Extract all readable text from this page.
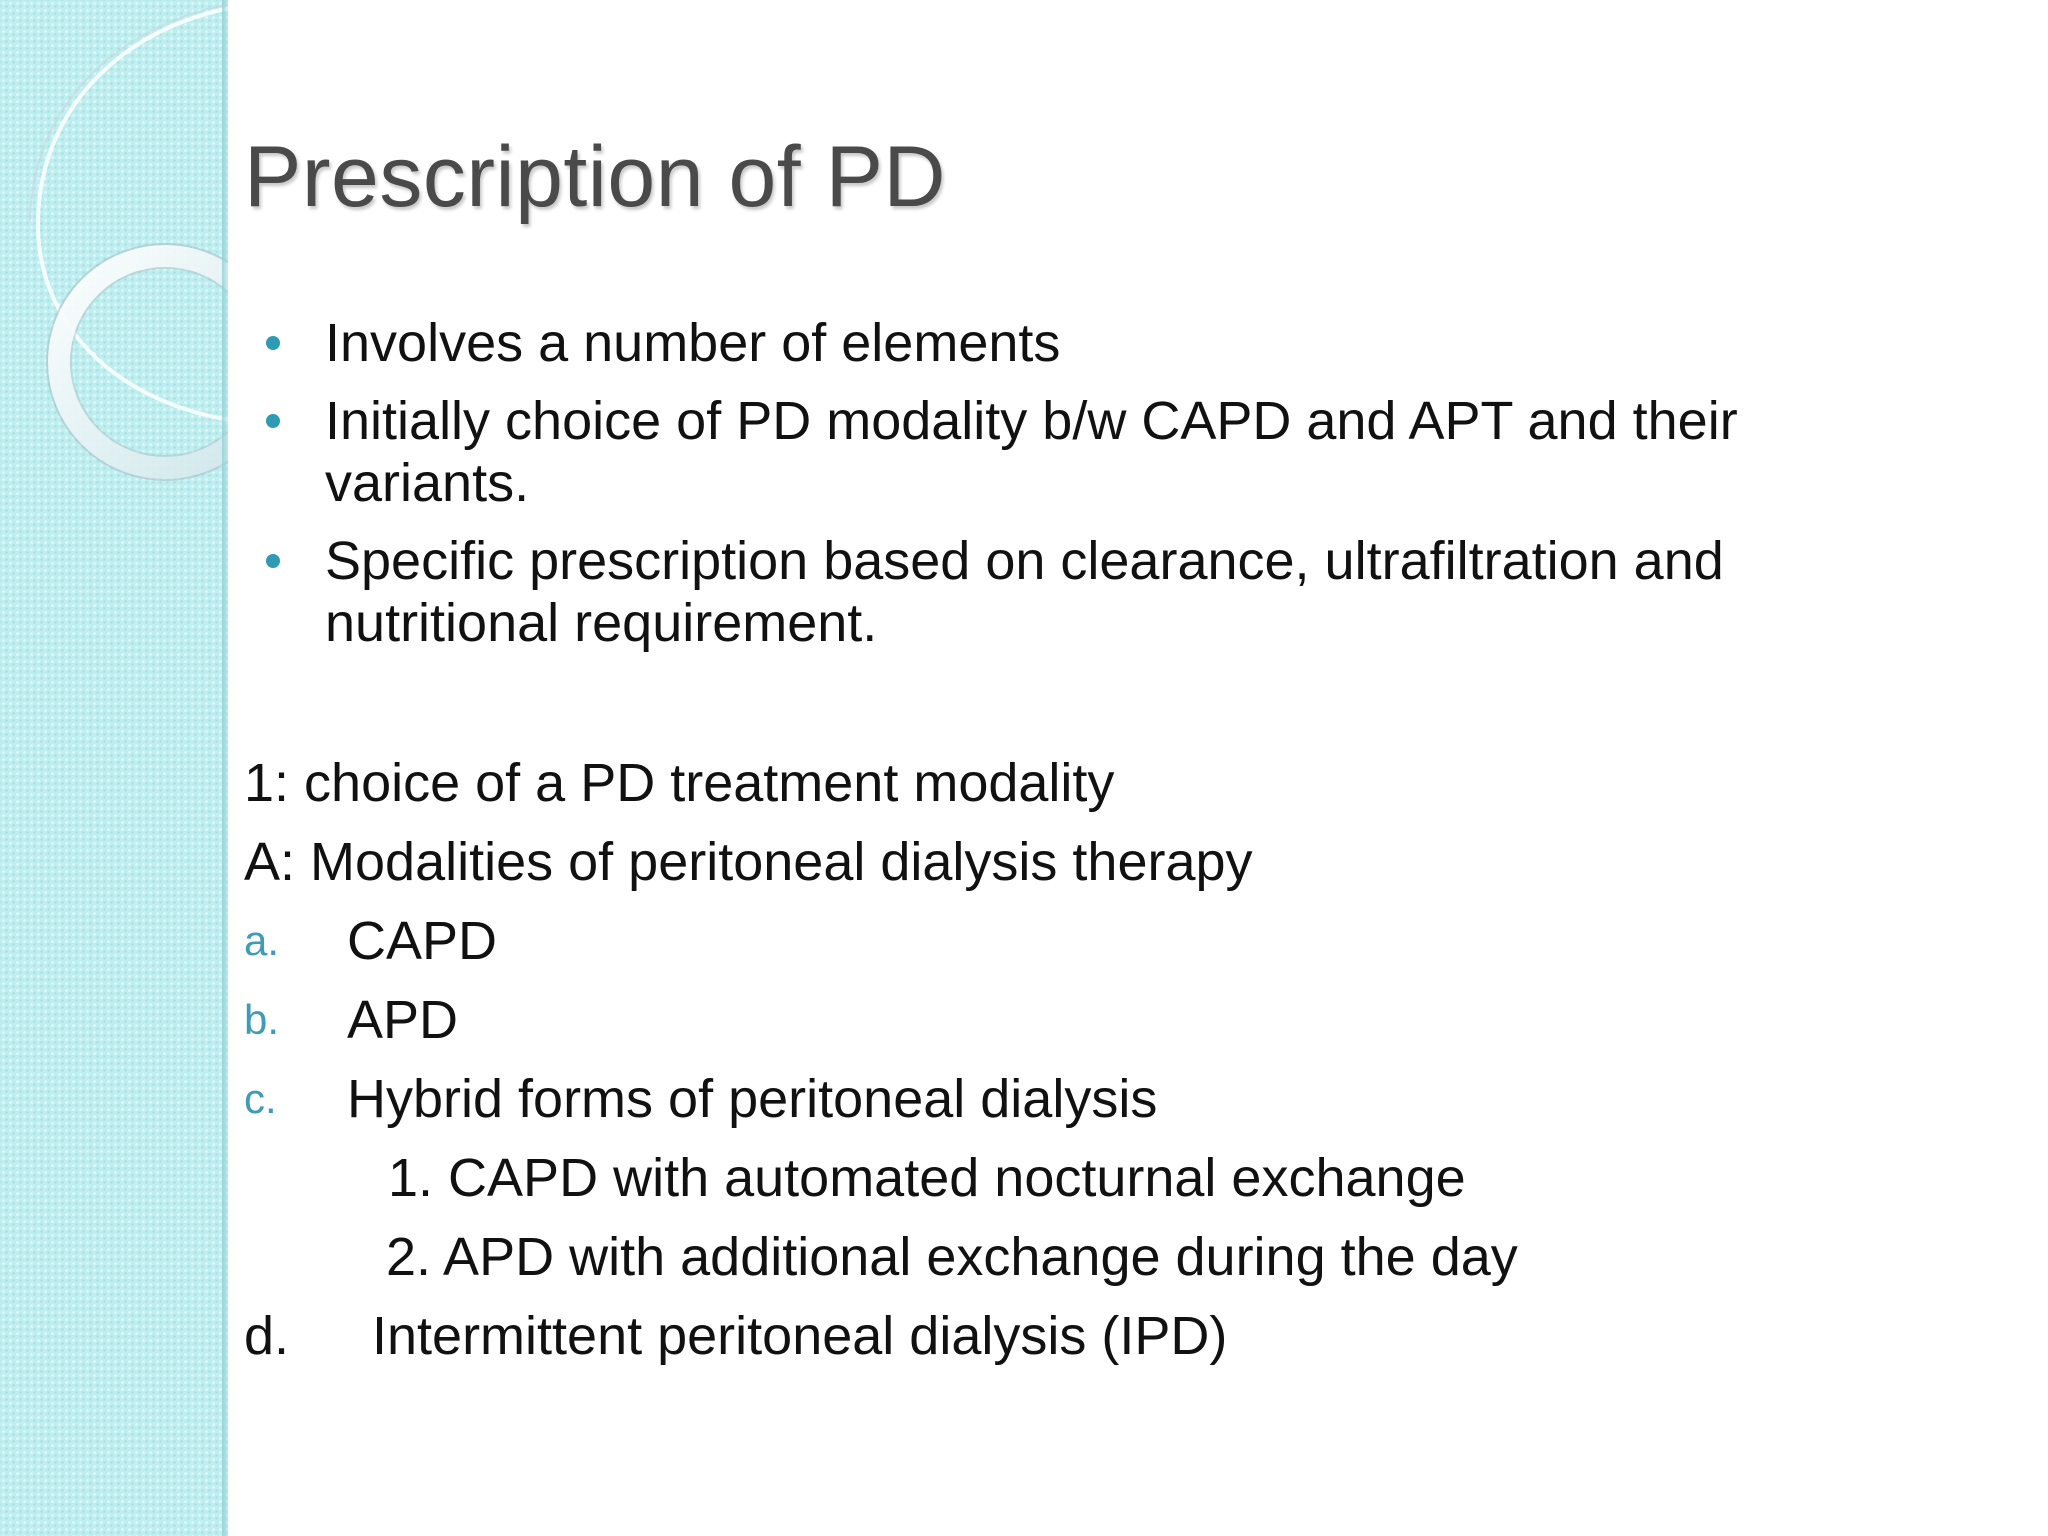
Prescription of PD
Involves a number of elements
Initially choice of PD modality b/w CAPD and APT and their variants.
Specific prescription based on clearance, ultrafiltration and nutritional requirement.
1: choice of a PD treatment modality
A: Modalities of peritoneal dialysis therapy
a. CAPD
b. APD
c. Hybrid forms of peritoneal dialysis
1. CAPD with automated nocturnal exchange
2. APD with additional exchange during the day
d. Intermittent peritoneal dialysis (IPD)
